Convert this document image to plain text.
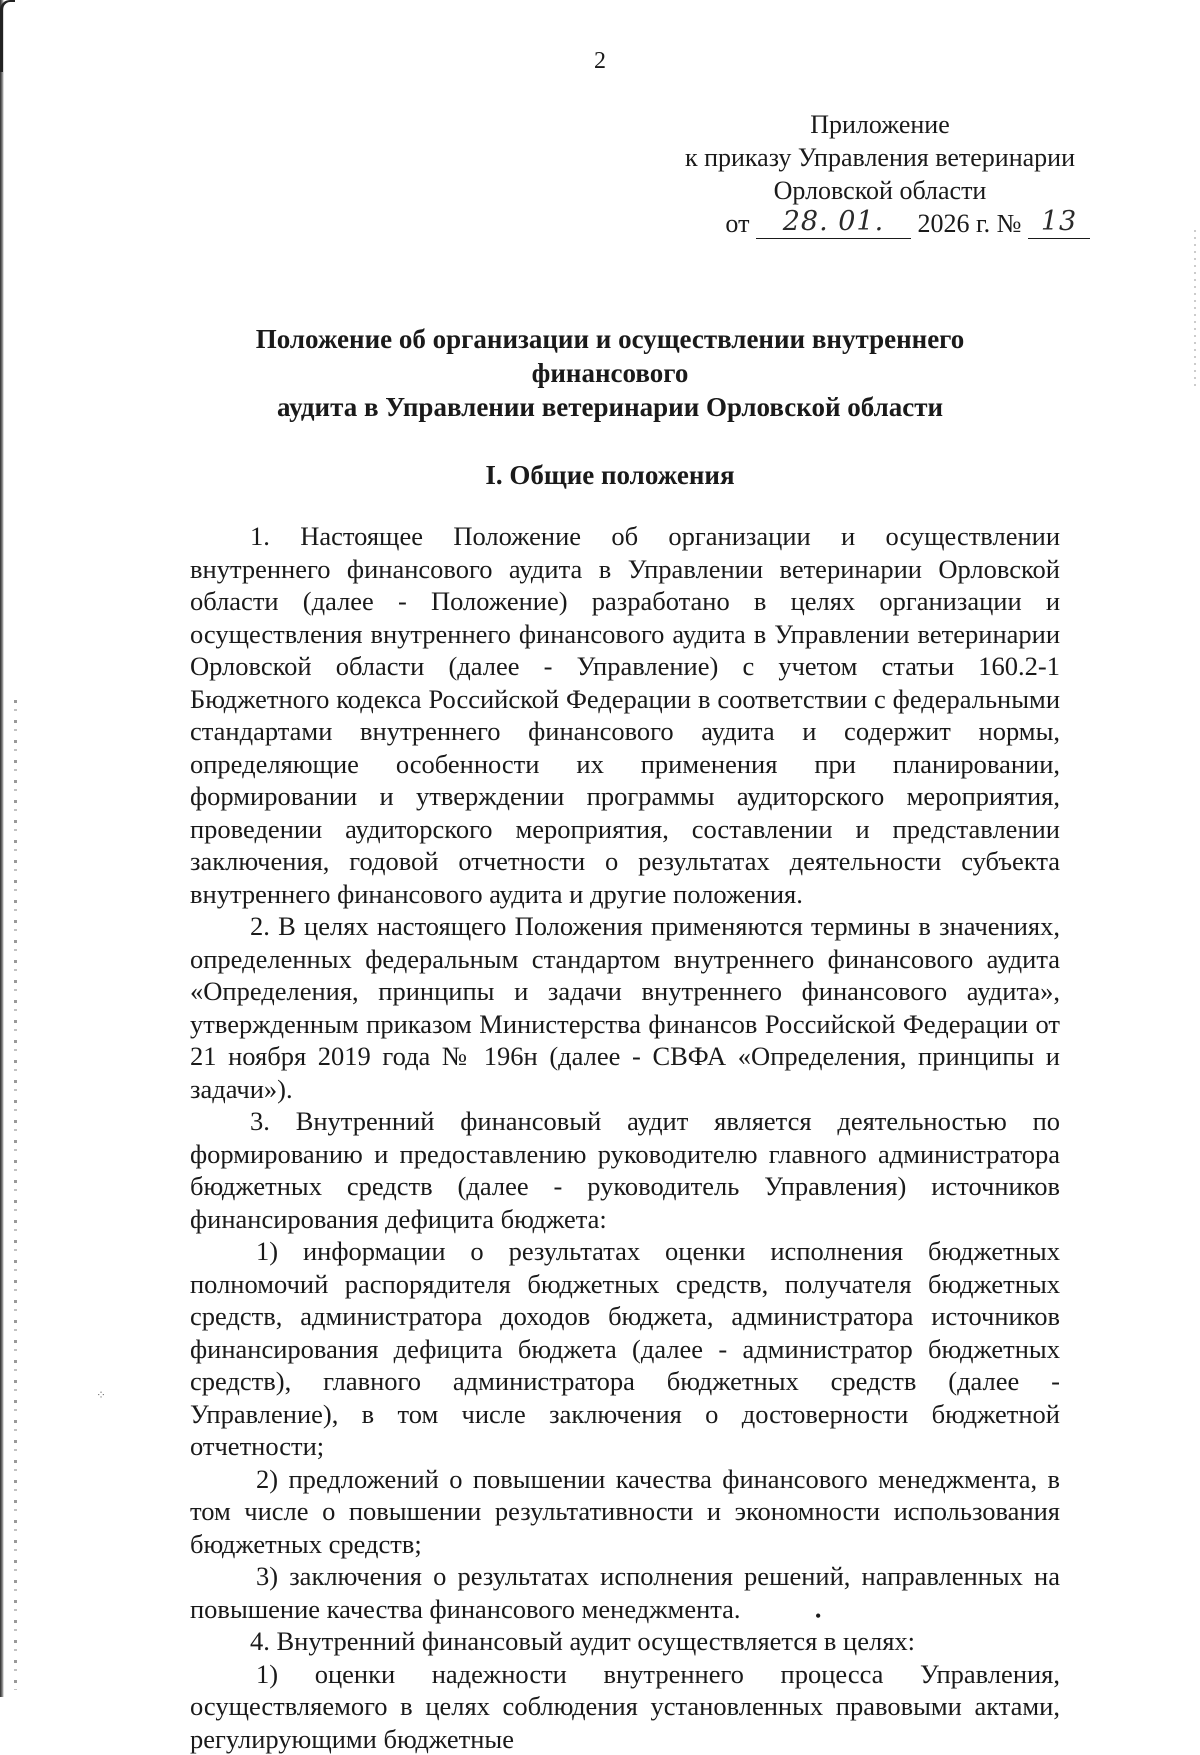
2
Приложение
к приказу Управления ветеринарии
Орловской области
от 28. 01. 2026 г. № 13
Положение об организации и осуществлении внутреннего финансового
аудита в Управлении ветеринарии Орловской области
I. Общие положения

1. Настоящее Положение об организации и осуществлении внутреннего финансового аудита в Управлении ветеринарии Орловской области (далее - Положение) разработано в целях организации и осуществления внутреннего финансового аудита в Управлении ветеринарии Орловской области (далее - Управление) с учетом статьи 160.2-1 Бюджетного кодекса Российской Федерации в соответствии с федеральными стандартами внутреннего финансового аудита и содержит нормы, определяющие особенности их применения при планировании, формировании и утверждении программы аудиторского мероприятия, проведении аудиторского мероприятия, составлении и представлении заключения, годовой отчетности о результатах деятельности субъекта внутреннего финансового аудита и другие положения.

2. В целях настоящего Положения применяются термины в значениях, определенных федеральным стандартом внутреннего финансового аудита «Определения, принципы и задачи внутреннего финансового аудита», утвержденным приказом Министерства финансов Российской Федерации от 21 ноября 2019 года № 196н (далее - СВФА «Определения, принципы и задачи»).

3. Внутренний финансовый аудит является деятельностью по формированию и предоставлению руководителю главного администратора бюджетных средств (далее - руководитель Управления) источников финансирования дефицита бюджета:

1) информации о результатах оценки исполнения бюджетных полномочий распорядителя бюджетных средств, получателя бюджетных средств, администратора доходов бюджета, администратора источников финансирования дефицита бюджета (далее - администратор бюджетных средств), главного администратора бюджетных средств (далее - Управление), в том числе заключения о достоверности бюджетной отчетности;

2) предложений о повышении качества финансового менеджмента, в том числе о повышении результативности и экономности использования бюджетных средств;

3) заключения о результатах исполнения решений, направленных на повышение качества финансового менеджмента.

4. Внутренний финансовый аудит осуществляется в целях:

1) оценки надежности внутреннего процесса Управления, осуществляемого в целях соблюдения установленных правовыми актами, регулирующими бюджетные

•
⁘
